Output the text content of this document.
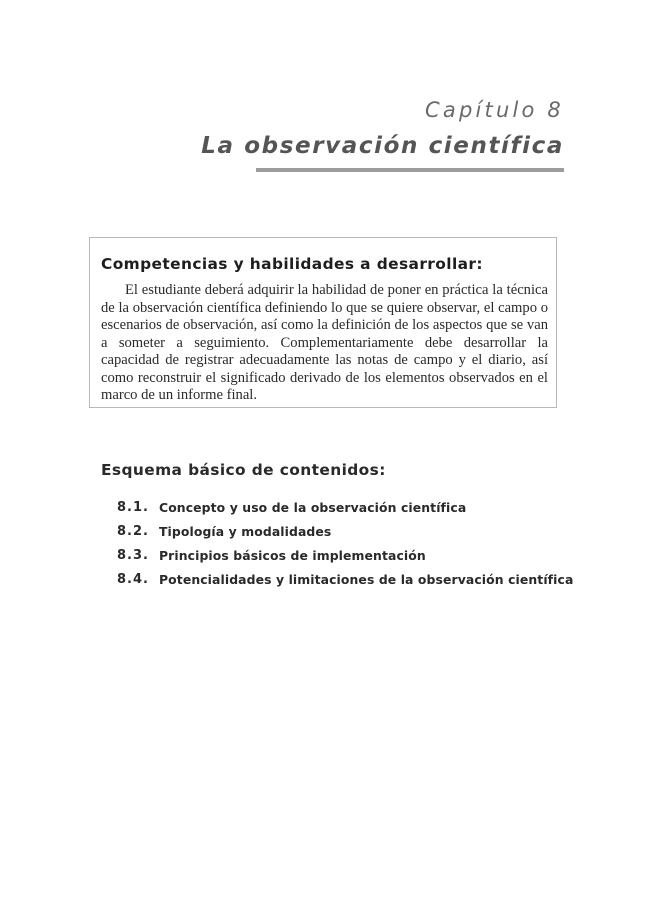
Capítulo 8
La observación científica
Competencias y habilidades a desarrollar:

El estudiante deberá adquirir la habilidad de poner en práctica la técnica de la observación científica definiendo lo que se quiere observar, el campo o escenarios de observación, así como la definición de los aspectos que se van a someter a seguimiento. Complementariamente debe desarrollar la capacidad de registrar adecuadamente las notas de campo y el diario, así como reconstruir el significado derivado de los elementos observados en el marco de un informe final.

Esquema básico de contenidos:
8.1. Concepto y uso de la observación científica
8.2. Tipología y modalidades
8.3. Principios básicos de implementación
8.4. Potencialidades y limitaciones de la observación científica
